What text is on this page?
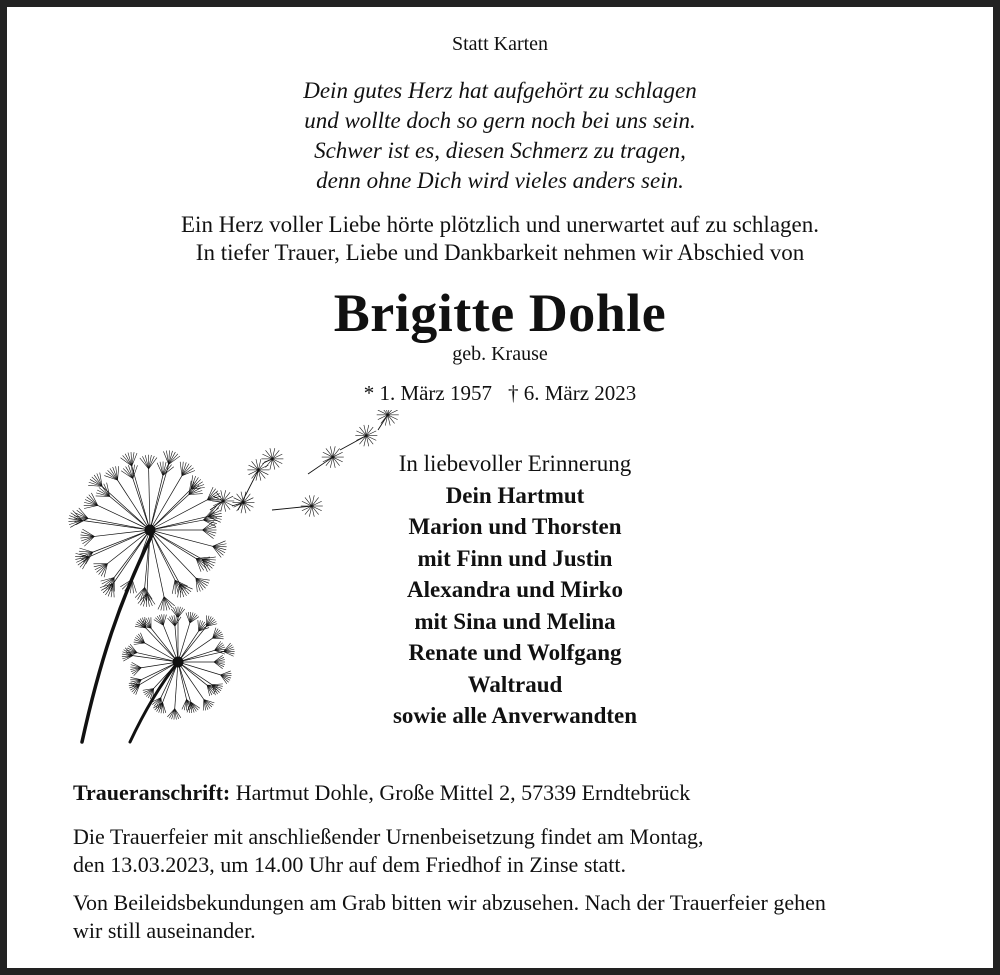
Statt Karten
Dein gutes Herz hat aufgehört zu schlagen
und wollte doch so gern noch bei uns sein.
Schwer ist es, diesen Schmerz zu tragen,
denn ohne Dich wird vieles anders sein.
Ein Herz voller Liebe hörte plötzlich und unerwartet auf zu schlagen.
In tiefer Trauer, Liebe und Dankbarkeit nehmen wir Abschied von
Brigitte Dohle
geb. Krause
* 1. März 1957 † 6. März 2023
In liebevoller Erinnerung
Dein Hartmut
Marion und Thorsten
mit Finn und Justin
Alexandra und Mirko
mit Sina und Melina
Renate und Wolfgang
Waltraud
sowie alle Anverwandten
Traueranschrift: Hartmut Dohle, Große Mittel 2, 57339 Erndtebrück
Die Trauerfeier mit anschließender Urnenbeisetzung findet am Montag,
den 13.03.2023, um 14.00 Uhr auf dem Friedhof in Zinse statt.
Von Beileidsbekundungen am Grab bitten wir abzusehen. Nach der Trauerfeier gehen
wir still auseinander.
